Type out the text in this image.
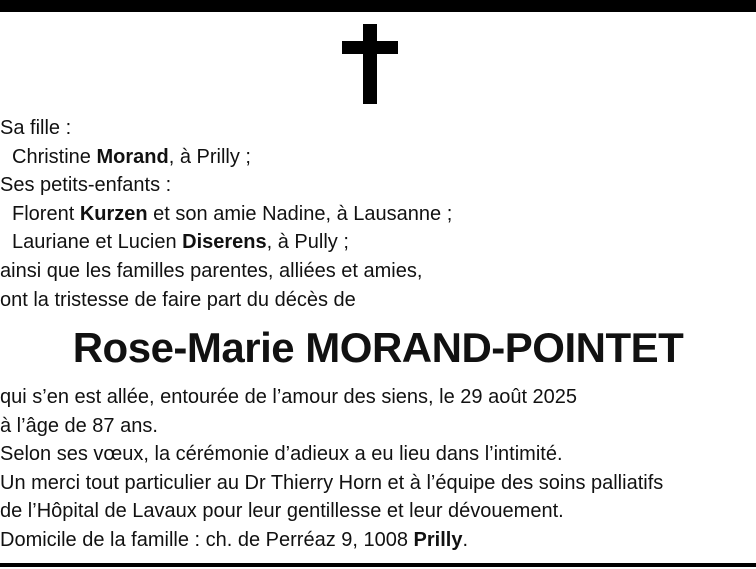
Sa fille :
Christine Morand, à Prilly ;
Ses petits-enfants :
Florent Kurzen et son amie Nadine, à Lausanne ;
Lauriane et Lucien Diserens, à Pully ;
ainsi que les familles parentes, alliées et amies,
ont la tristesse de faire part du décès de
Rose-Marie MORAND-POINTET
qui s’en est allée, entourée de l’amour des siens, le 29 août 2025
à l’âge de 87 ans.
Selon ses vœux, la cérémonie d’adieux a eu lieu dans l’intimité.
Un merci tout particulier au Dr Thierry Horn et à l’équipe des soins palliatifs
de l’Hôpital de Lavaux pour leur gentillesse et leur dévouement.
Domicile de la famille : ch. de Perréaz 9, 1008 Prilly.
